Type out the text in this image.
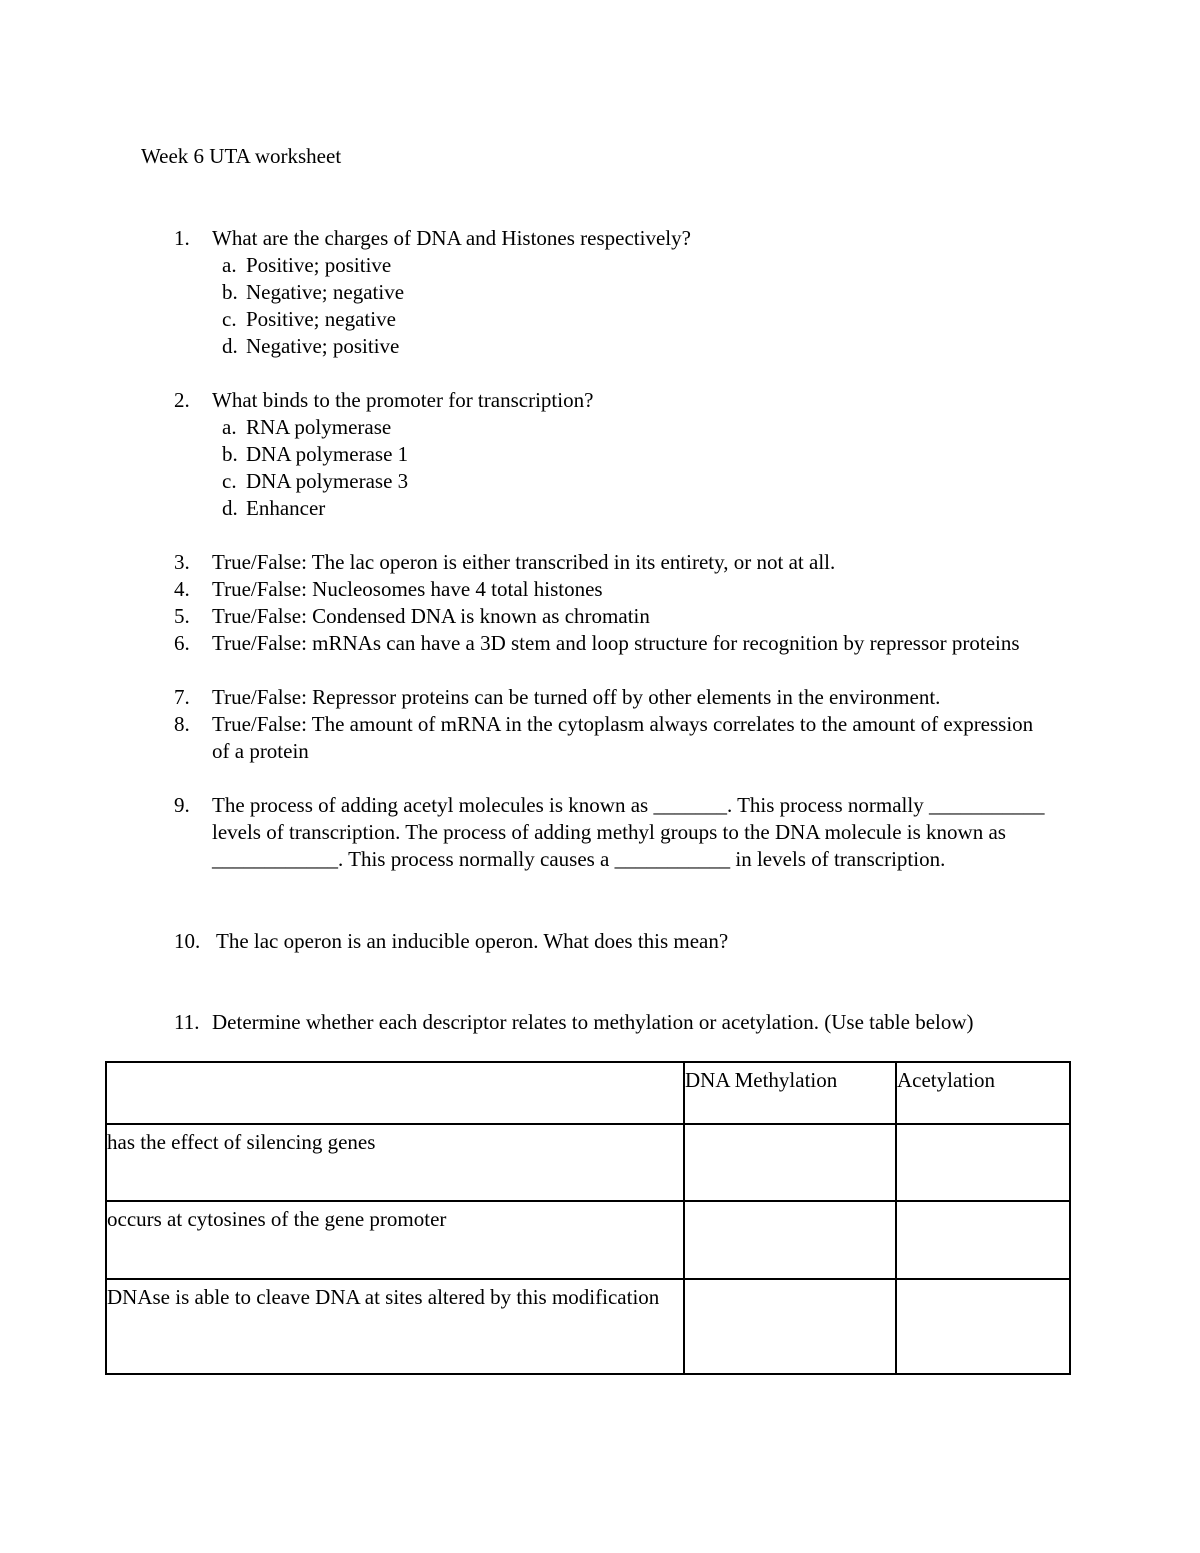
Week 6 UTA worksheet
1. What are the charges of DNA and Histones respectively?
a. Positive; positive
b. Negative; negative
c. Positive; negative
d. Negative; positive
2. What binds to the promoter for transcription?
a. RNA polymerase
b. DNA polymerase 1
c. DNA polymerase 3
d. Enhancer
3. True/False: The lac operon is either transcribed in its entirety, or not at all.
4. True/False: Nucleosomes have 4 total histones
5. True/False: Condensed DNA is known as chromatin
6. True/False: mRNAs can have a 3D stem and loop structure for recognition by repressor proteins
7. True/False: Repressor proteins can be turned off by other elements in the environment.
8. True/False: The amount of mRNA in the cytoplasm always correlates to the amount of expression of a protein
9. The process of adding acetyl molecules is known as _______. This process normally ___________ levels of transcription. The process of adding methyl groups to the DNA molecule is known as ____________. This process normally causes a ___________ in levels of transcription.
10. The lac operon is an inducible operon. What does this mean?
11. Determine whether each descriptor relates to methylation or acetylation. (Use table below)
	DNA Methylation	Acetylation
has the effect of silencing genes		
occurs at cytosines of the gene promoter		
DNAse is able to cleave DNA at sites altered by this modification		
